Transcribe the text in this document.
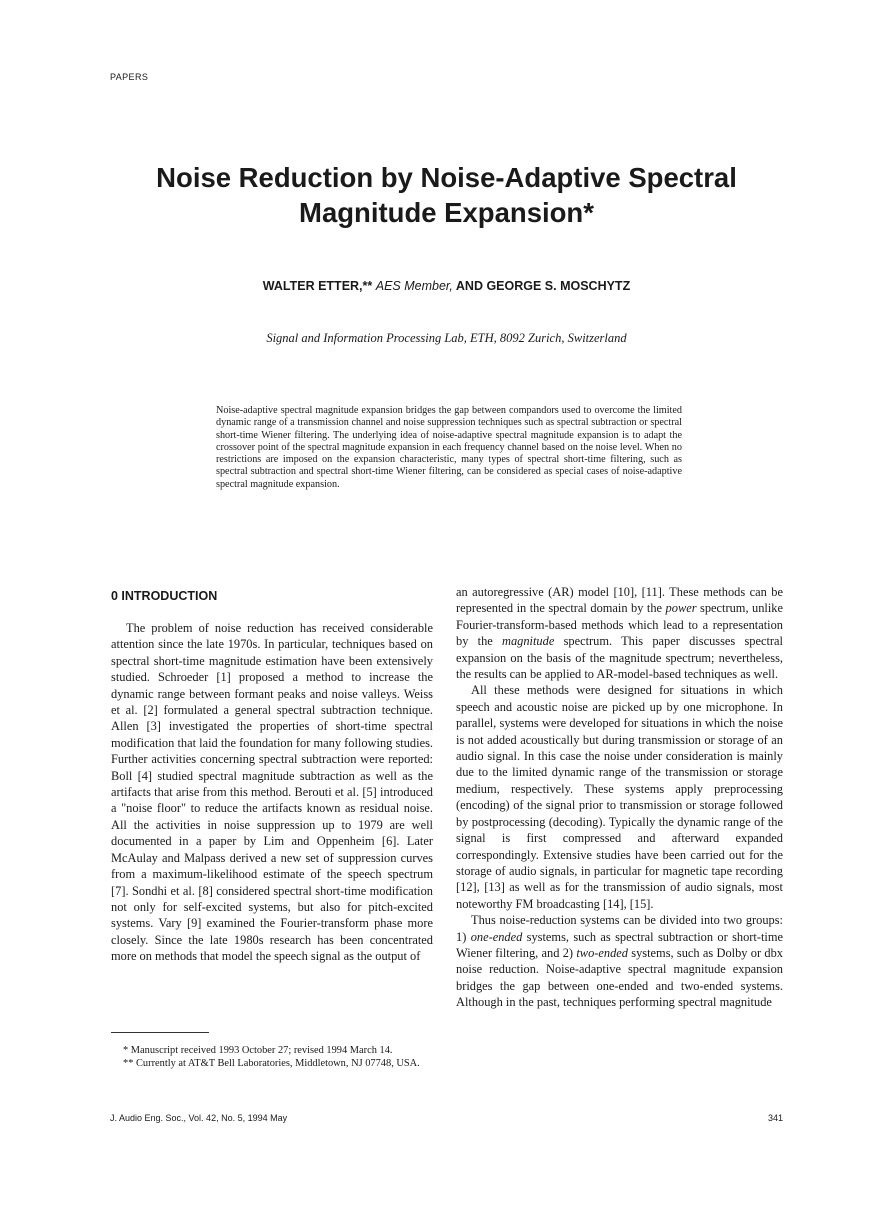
PAPERS
Noise Reduction by Noise-Adaptive Spectral
Magnitude Expansion*
WALTER ETTER,** AES Member, AND GEORGE S. MOSCHYTZ
Signal and Information Processing Lab, ETH, 8092 Zurich, Switzerland
Noise-adaptive spectral magnitude expansion bridges the gap between compandors used to overcome the limited dynamic range of a transmission channel and noise suppression techniques such as spectral subtraction or spectral short-time Wiener filtering. The underlying idea of noise-adaptive spectral magnitude expansion is to adapt the crossover point of the spectral magnitude expansion in each frequency channel based on the noise level. When no restrictions are imposed on the expansion characteristic, many types of spectral short-time filtering, such as spectral subtraction and spectral short-time Wiener filtering, can be considered as special cases of noise-adaptive spectral magnitude expansion.
0 INTRODUCTION

The problem of noise reduction has received considerable attention since the late 1970s. In particular, techniques based on spectral short-time magnitude estimation have been extensively studied. Schroeder [1] proposed a method to increase the dynamic range between formant peaks and noise valleys. Weiss et al. [2] formulated a general spectral subtraction technique. Allen [3] investigated the properties of short-time spectral modification that laid the foundation for many following studies. Further activities concerning spectral subtraction were reported: Boll [4] studied spectral magnitude subtraction as well as the artifacts that arise from this method. Berouti et al. [5] introduced a "noise floor" to reduce the artifacts known as residual noise. All the activities in noise suppression up to 1979 are well documented in a paper by Lim and Oppenheim [6]. Later McAulay and Malpass derived a new set of suppression curves from a maximum-likelihood estimate of the speech spectrum [7]. Sondhi et al. [8] considered spectral short-time modification not only for self-excited systems, but also for pitch-excited systems. Vary [9] examined the Fourier-transform phase more closely. Since the late 1980s research has been concentrated more on methods that model the speech signal as the output of

an autoregressive (AR) model [10], [11]. These methods can be represented in the spectral domain by the power spectrum, unlike Fourier-transform-based methods which lead to a representation by the magnitude spectrum. This paper discusses spectral expansion on the basis of the magnitude spectrum; nevertheless, the results can be applied to AR-model-based techniques as well.

All these methods were designed for situations in which speech and acoustic noise are picked up by one microphone. In parallel, systems were developed for situations in which the noise is not added acoustically but during transmission or storage of an audio signal. In this case the noise under consideration is mainly due to the limited dynamic range of the transmission or storage medium, respectively. These systems apply preprocessing (encoding) of the signal prior to transmission or storage followed by postprocessing (decoding). Typically the dynamic range of the signal is first compressed and afterward expanded correspondingly. Extensive studies have been carried out for the storage of audio signals, in particular for magnetic tape recording [12], [13] as well as for the transmission of audio signals, most noteworthy FM broadcasting [14], [15].

Thus noise-reduction systems can be divided into two groups: 1) one-ended systems, such as spectral subtraction or short-time Wiener filtering, and 2) two-ended systems, such as Dolby or dbx noise reduction. Noise-adaptive spectral magnitude expansion bridges the gap between one-ended and two-ended systems. Although in the past, techniques performing spectral magnitude

* Manuscript received 1993 October 27; revised 1994 March 14.

** Currently at AT&T Bell Laboratories, Middletown, NJ 07748, USA.

J. Audio Eng. Soc., Vol. 42, No. 5, 1994 May	341
